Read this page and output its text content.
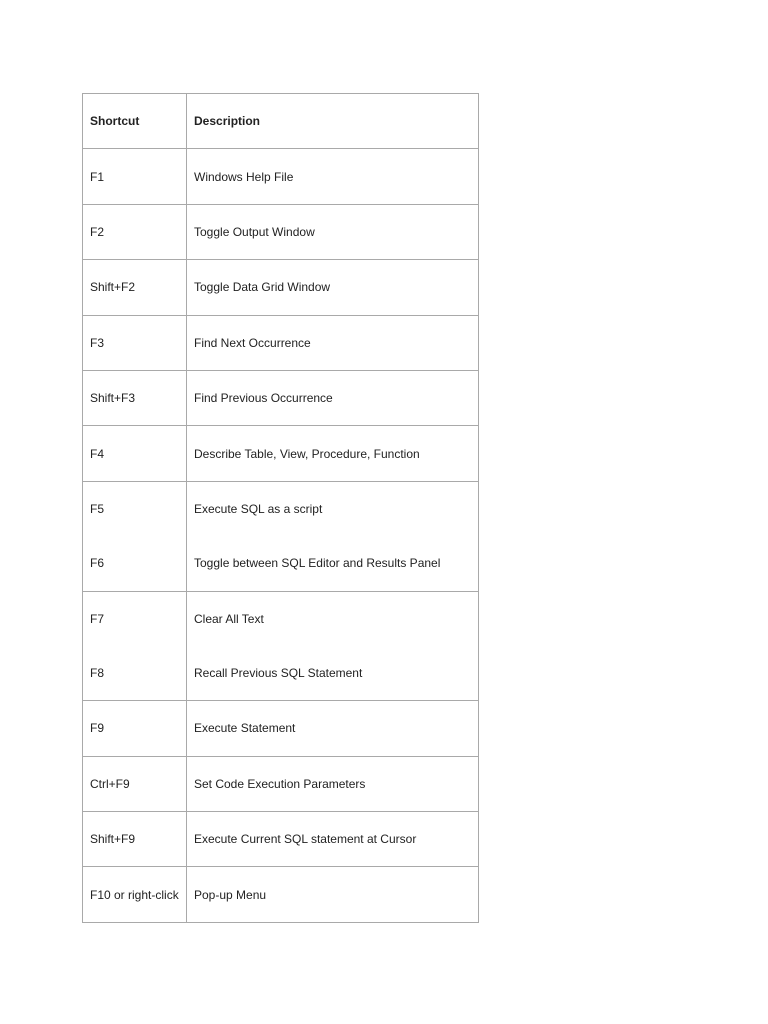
Shortcut	Description
F1	Windows Help File
F2	Toggle Output Window
Shift+F2	Toggle Data Grid Window
F3	Find Next Occurrence
Shift+F3	Find Previous Occurrence
F4	Describe Table, View, Procedure, Function
F5	Execute SQL as a script
F6	Toggle between SQL Editor and Results Panel
F7	Clear All Text
F8	Recall Previous SQL Statement
F9	Execute Statement
Ctrl+F9	Set Code Execution Parameters
Shift+F9	Execute Current SQL statement at Cursor
F10 or right-click	Pop-up Menu
